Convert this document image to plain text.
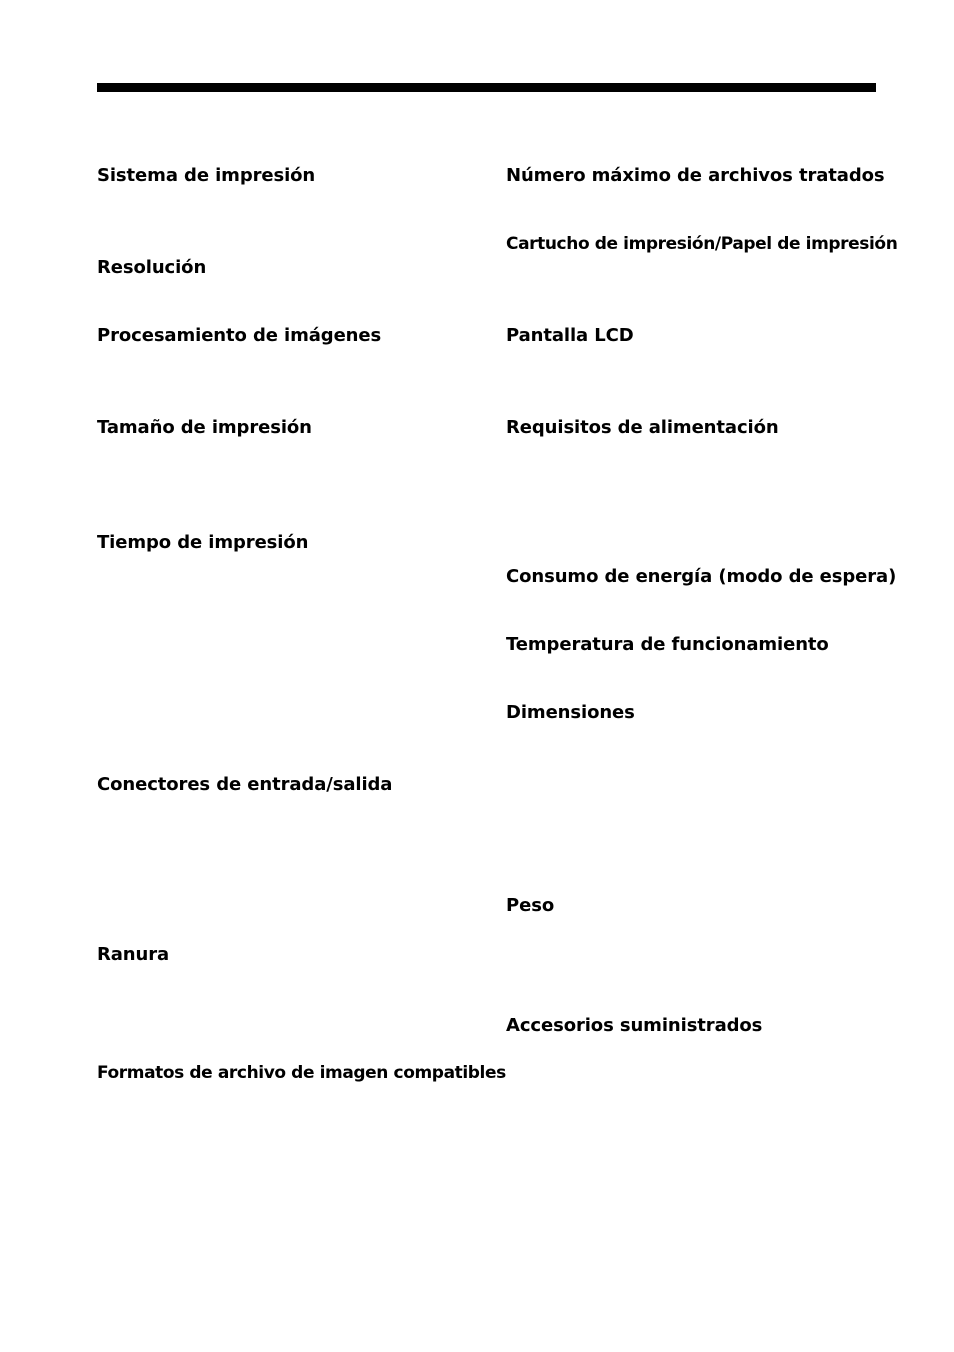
Sistema de impresión
Resolución
Procesamiento de imágenes
Tamaño de impresión
Tiempo de impresión
Conectores de entrada/salida
Ranura
Formatos de archivo de imagen compatibles
Número máximo de archivos tratados
Cartucho de impresión/Papel de impresión
Pantalla LCD
Requisitos de alimentación
Consumo de energía (modo de espera)
Temperatura de funcionamiento
Dimensiones
Peso
Accesorios suministrados
